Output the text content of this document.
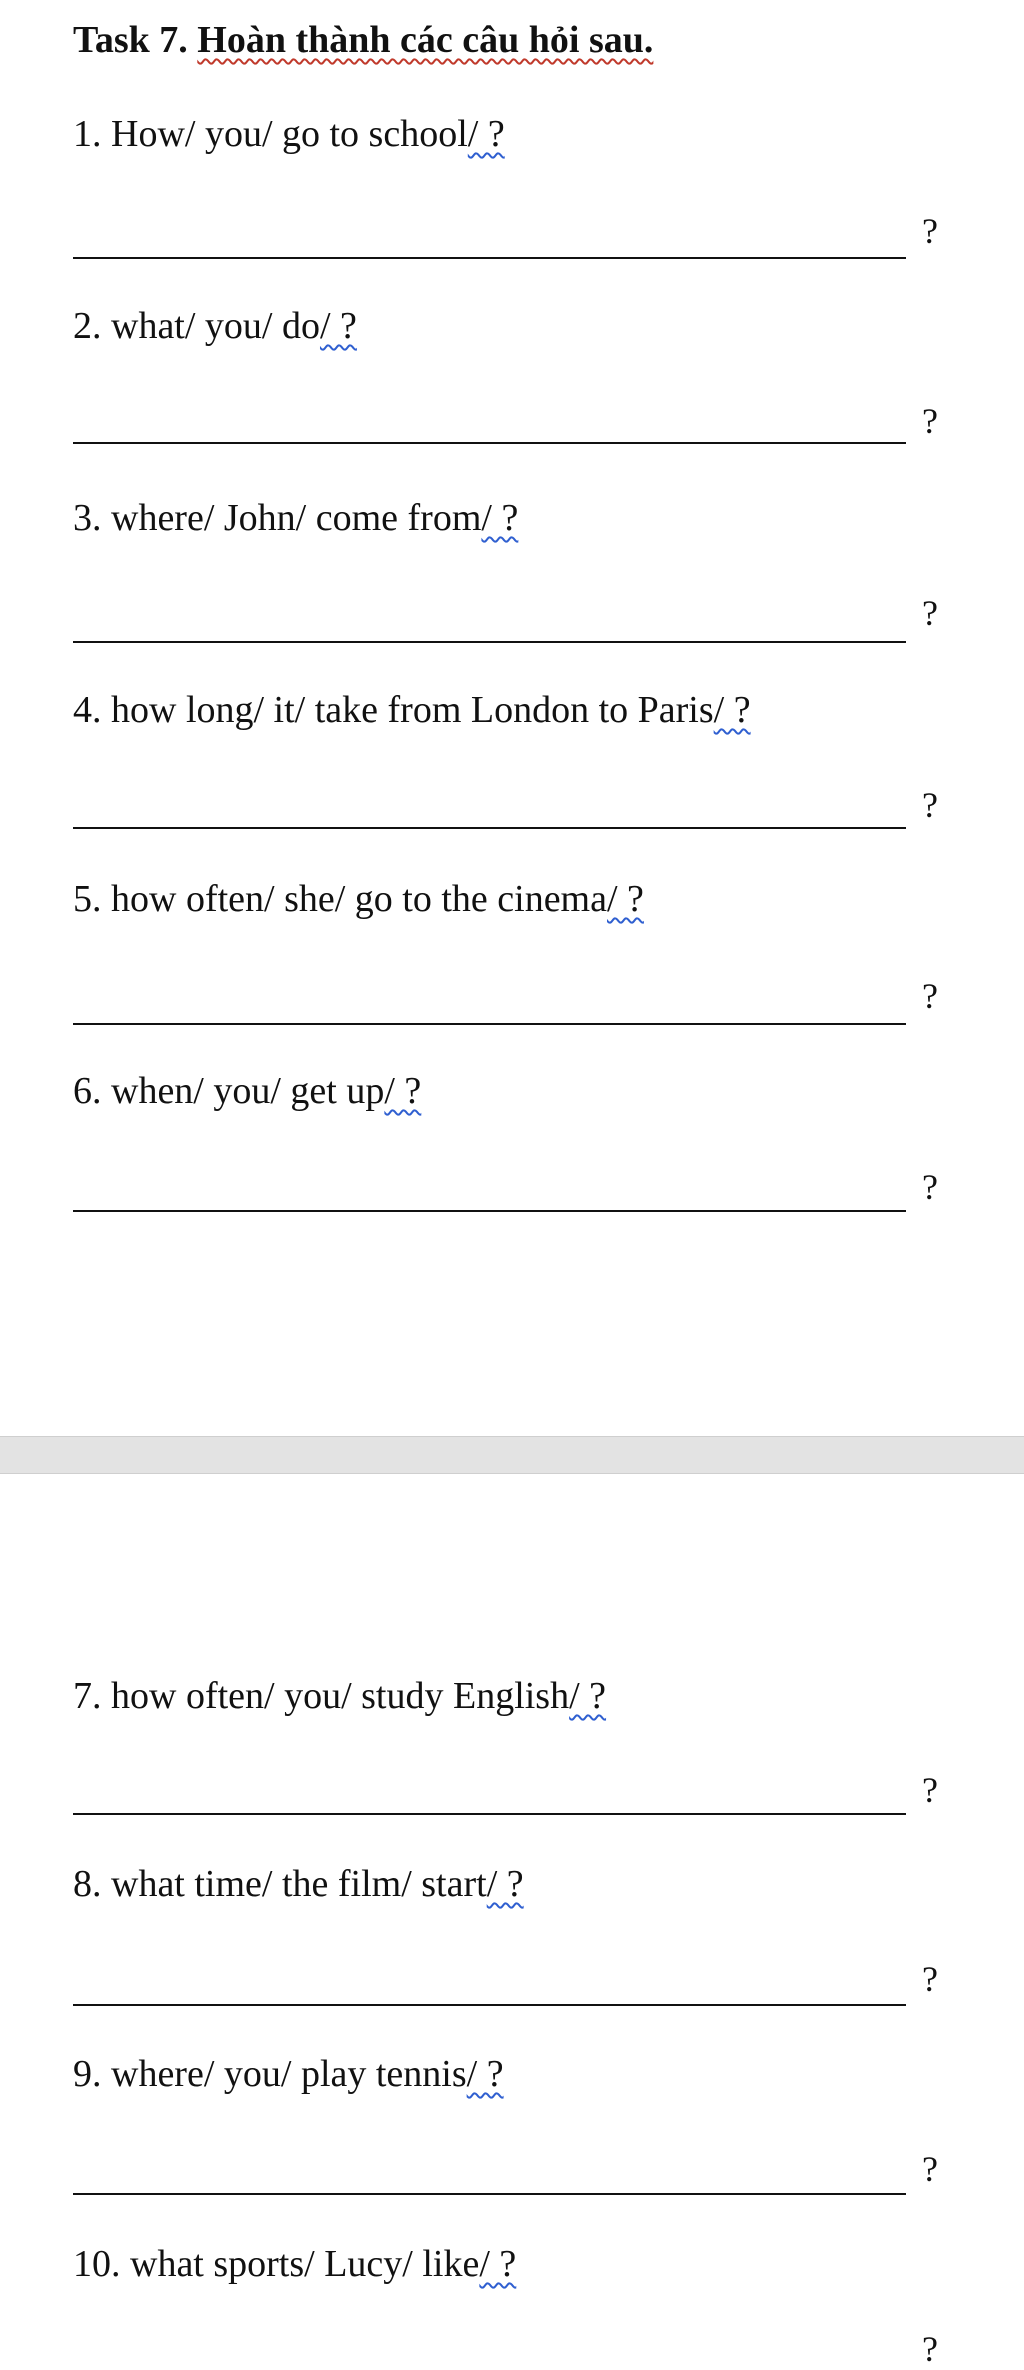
Task 7. Hoàn thành các câu hỏi sau.
1. How/ you/ go to school/ ?
?
2. what/ you/ do/ ?
?
3. where/ John/ come from/ ?
?
4. how long/ it/ take from London to Paris/ ?
?
5. how often/ she/ go to the cinema/ ?
?
6. when/ you/ get up/ ?
?
7. how often/ you/ study English/ ?
?
8. what time/ the film/ start/ ?
?
9. where/ you/ play tennis/ ?
?
10. what sports/ Lucy/ like/ ?
?
